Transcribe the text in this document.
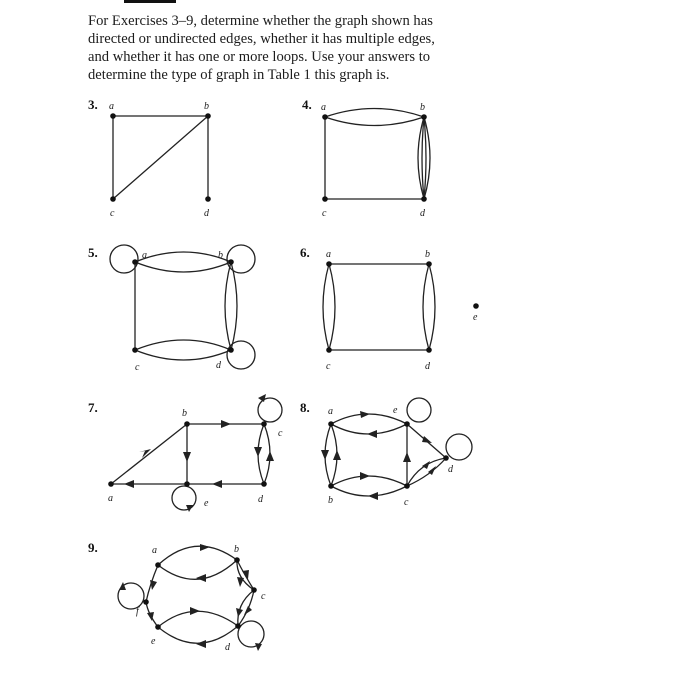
For Exercises 3–9, determine whether the graph shown has
directed or undirected edges, whether it has multiple edges,
and whether it has one or more loops. Use your answers to
determine the type of graph in Table 1 this graph is.
3. a	b
c	d
4. a	b
c	d
5.	a	b
c	d
6. a	b
c	d
e
7.
a
b
c
d
e
8. a
b	c
d
e
9.	a	b
c
d
e
f
